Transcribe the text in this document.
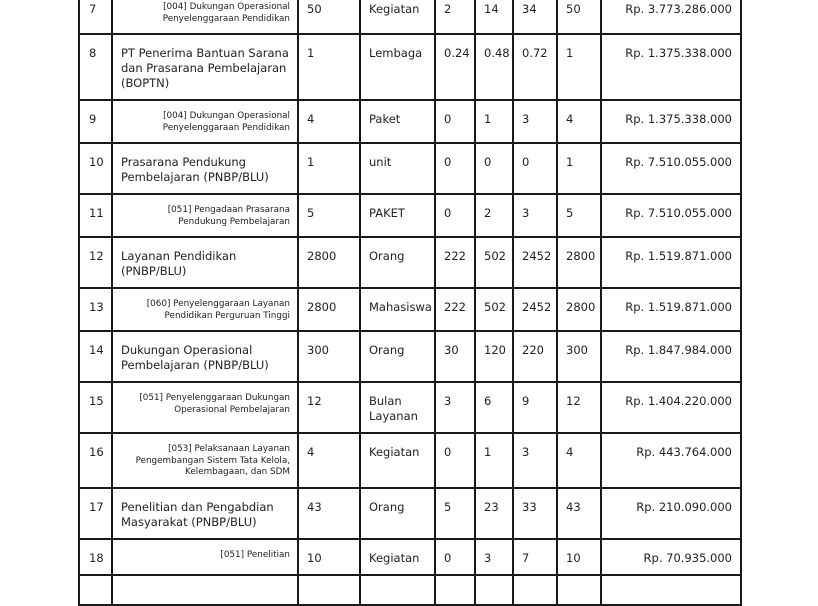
7	[004] Dukungan Operasional Penyelenggaraan Pendidikan	50	Kegiatan	2	14	34	50	Rp. 3.773.286.000
8	PT Penerima Bantuan Sarana dan Prasarana Pembelajaran (BOPTN)	1	Lembaga	0.24	0.48	0.72	1	Rp. 1.375.338.000
9	[004] Dukungan Operasional Penyelenggaraan Pendidikan	4	Paket	0	1	3	4	Rp. 1.375.338.000
10	Prasarana Pendukung Pembelajaran (PNBP/BLU)	1	unit	0	0	0	1	Rp. 7.510.055.000
11	[051] Pengadaan Prasarana Pendukung Pembelajaran	5	PAKET	0	2	3	5	Rp. 7.510.055.000
12	Layanan Pendidikan (PNBP/BLU)	2800	Orang	222	502	2452	2800	Rp. 1.519.871.000
13	[060] Penyelenggaraan Layanan Pendidikan Perguruan Tinggi	2800	Mahasiswa	222	502	2452	2800	Rp. 1.519.871.000
14	Dukungan Operasional Pembelajaran (PNBP/BLU)	300	Orang	30	120	220	300	Rp. 1.847.984.000
15	[051] Penyelenggaraan Dukungan Operasional Pembelajaran	12	Bulan Layanan	3	6	9	12	Rp. 1.404.220.000
16	[053] Pelaksanaan Layanan Pengembangan Sistem Tata Kelola, Kelembagaan, dan SDM	4	Kegiatan	0	1	3	4	Rp. 443.764.000
17	Penelitian dan Pengabdian Masyarakat (PNBP/BLU)	43	Orang	5	23	33	43	Rp. 210.090.000
18	[051] Penelitian	10	Kegiatan	0	3	7	10	Rp. 70.935.000
